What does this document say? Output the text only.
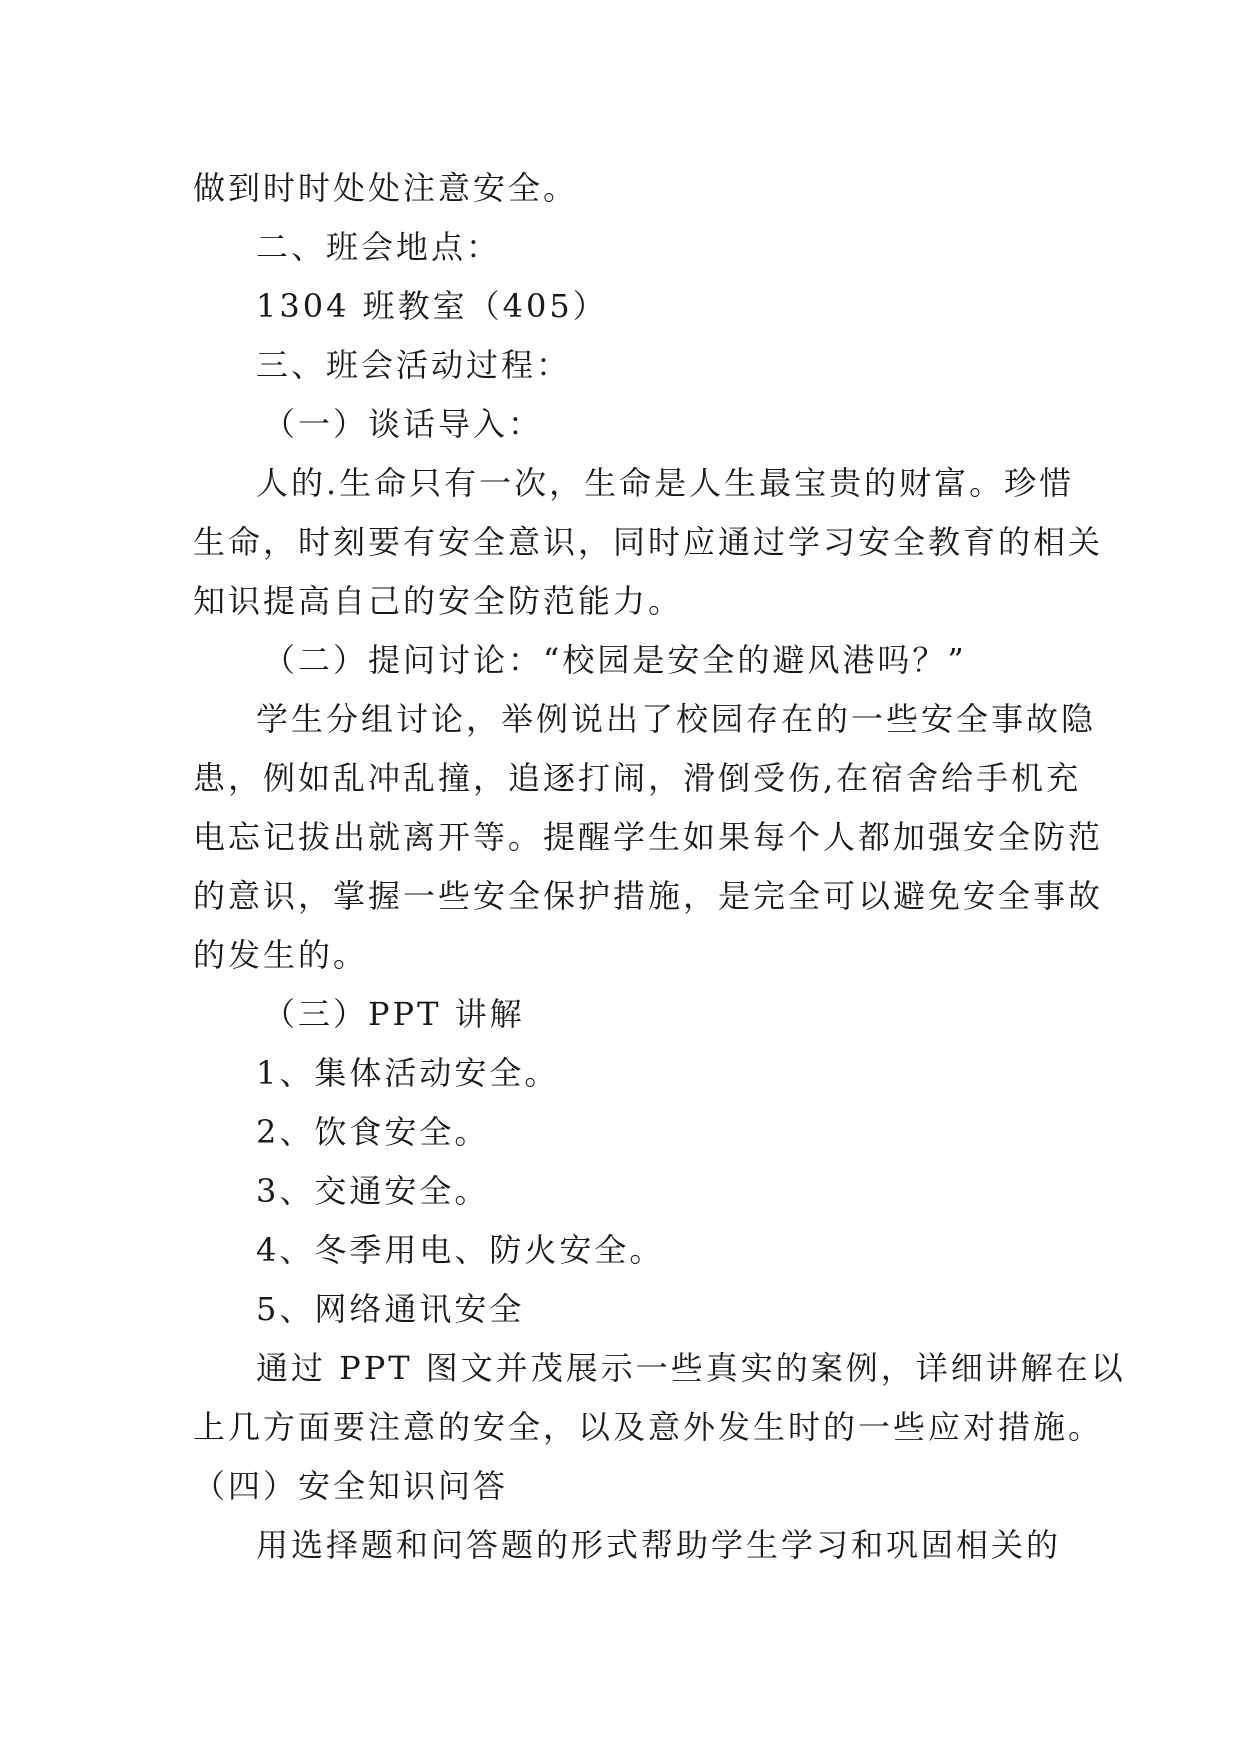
做到时时处处注意安全。

二、班会地点：

1304 班教室（405）

三、班会活动过程：

（一）谈话导入：

人的.生命只有一次，生命是人生最宝贵的财富。珍惜

生命，时刻要有安全意识，同时应通过学习安全教育的相关

知识提高自己的安全防范能力。

（二）提问讨论：“校园是安全的避风港吗？”

学生分组讨论，举例说出了校园存在的一些安全事故隐

患，例如乱冲乱撞，追逐打闹，滑倒受伤,在宿舍给手机充

电忘记拔出就离开等。提醒学生如果每个人都加强安全防范

的意识，掌握一些安全保护措施，是完全可以避免安全事故

的发生的。

（三）PPT 讲解

1、集体活动安全。

2、饮食安全。

3、交通安全。

4、冬季用电、防火安全。

5、网络通讯安全

通过 PPT 图文并茂展示一些真实的案例，详细讲解在以

上几方面要注意的安全，以及意外发生时的一些应对措施。

（四）安全知识问答

用选择题和问答题的形式帮助学生学习和巩固相关的
